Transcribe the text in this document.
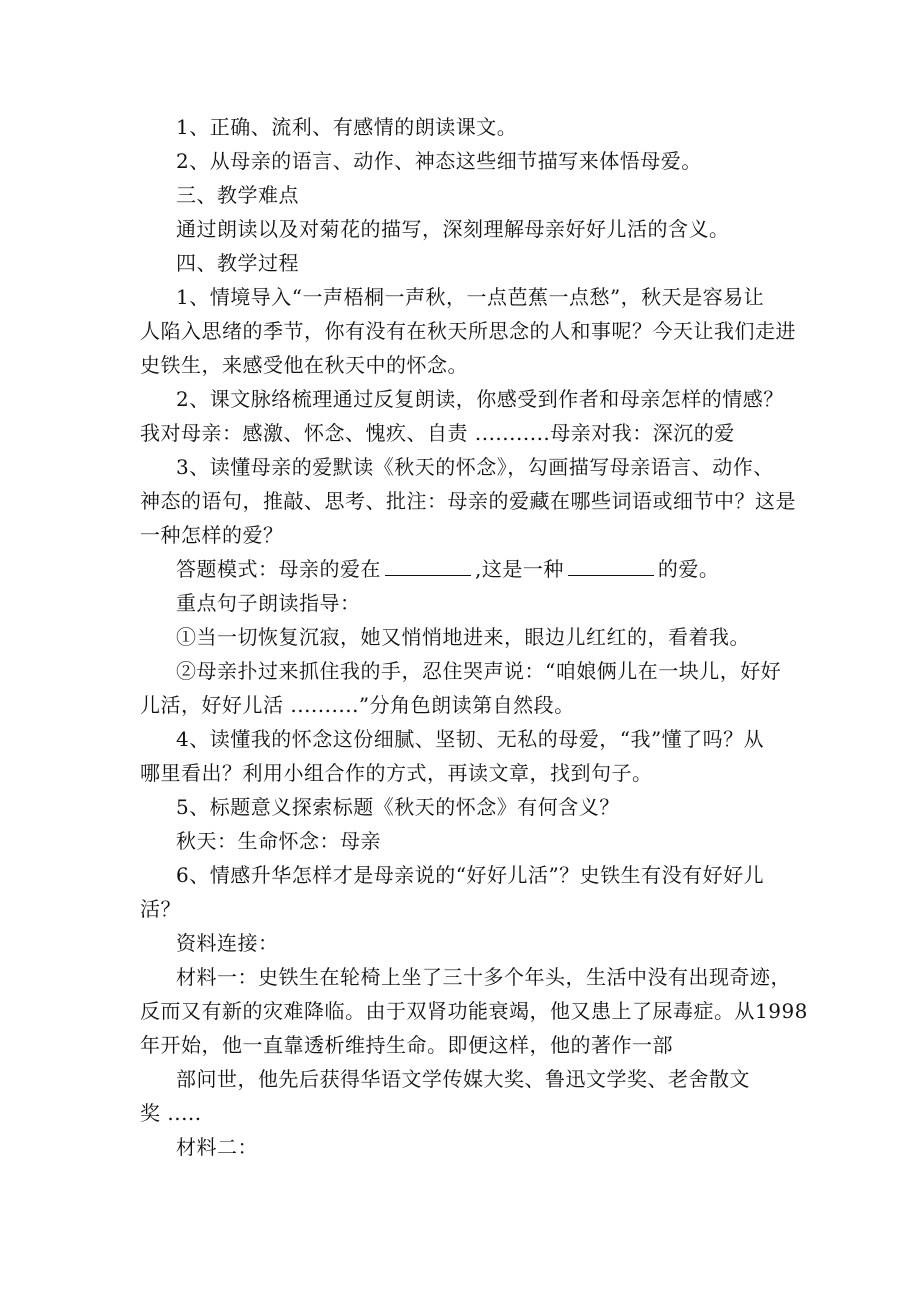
1、正确、流利、有感情的朗读课文。
2、从母亲的语言、动作、神态这些细节描写来体悟母爱。
三、教学难点
通过朗读以及对菊花的描写，深刻理解母亲好好儿活的含义。
四、教学过程
1、情境导入“一声梧桐一声秋，一点芭蕉一点愁”，秋天是容易让
人陷入思绪的季节，你有没有在秋天所思念的人和事呢？今天让我们走进
史铁生，来感受他在秋天中的怀念。
2、课文脉络梳理通过反复朗读，你感受到作者和母亲怎样的情感？
我对母亲：感激、怀念、愧疚、自责 ...........母亲对我：深沉的爱
3、读懂母亲的爱默读《秋天的怀念》，勾画描写母亲语言、动作、
神态的语句，推敲、思考、批注：母亲的爱藏在哪些词语或细节中？这是
一种怎样的爱？
答题模式：母亲的爱在	,这是一种	的爱。
重点句子朗读指导：
①当一切恢复沉寂，她又悄悄地进来，眼边儿红红的，看着我。
②母亲扑过来抓住我的手，忍住哭声说：“咱娘俩儿在一块儿，好好
儿活，好好儿活 ..........”分角色朗读第自然段。
4、读懂我的怀念这份细腻、坚韧、无私的母爱，“我”懂了吗？从
哪里看出？利用小组合作的方式，再读文章，找到句子。
5、标题意义探索标题《秋天的怀念》有何含义？
秋天：生命怀念：母亲
6、情感升华怎样才是母亲说的“好好儿活”？史铁生有没有好好儿
活？
资料连接：
材料一：史铁生在轮椅上坐了三十多个年头，生活中没有出现奇迹，
反而又有新的灾难降临。由于双肾功能衰竭，他又患上了尿毒症。从1998
年开始，他一直靠透析维持生命。即便这样，他的著作一部
部问世，他先后获得华语文学传媒大奖、鲁迅文学奖、老舍散文
奖 .....
材料二：
